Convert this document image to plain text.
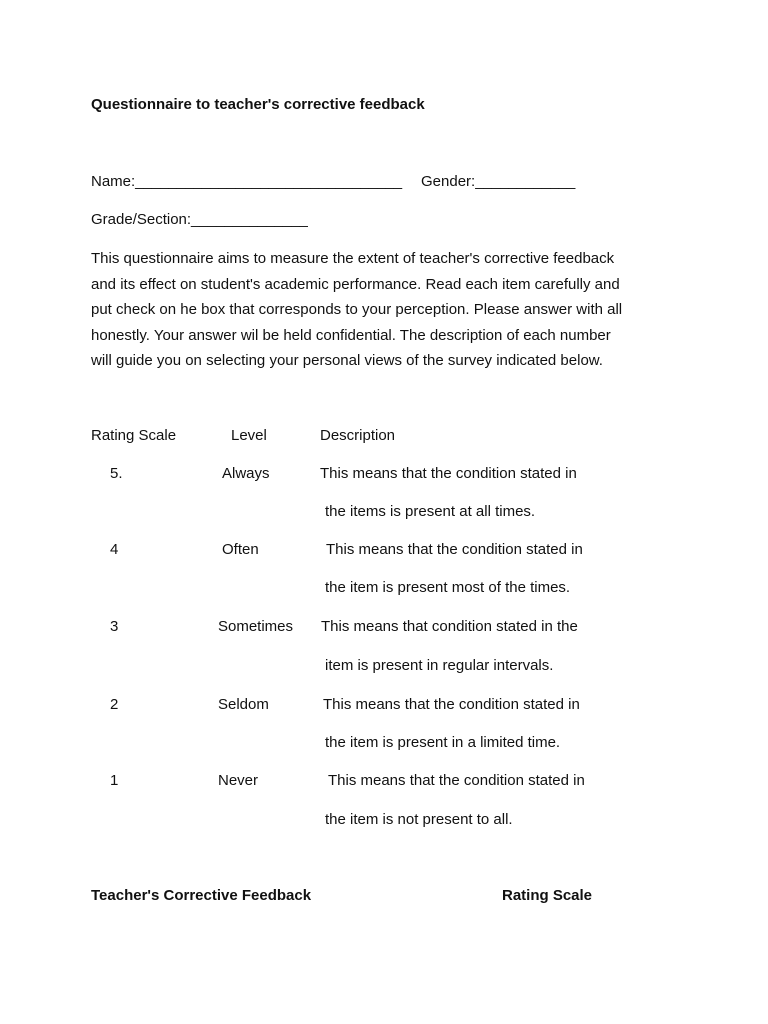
Questionnaire to teacher's corrective feedback
Name:________________________________ Gender:____________
Grade/Section:______________
This questionnaire aims to measure the extent of teacher's corrective feedback
and its effect on student's academic performance. Read each item carefully and
put check on he box that corresponds to your perception. Please answer with all
honestly. Your answer wil be held confidential. The description of each number
will guide you on selecting your personal views of the survey indicated below.
Rating Scale	Level	Description
5.	Always	This means that the condition stated in
the items is present at all times.
4	Often	This means that the condition stated in
the item is present most of the times.
3	Sometimes This means that condition stated in the
item is present in regular intervals.
2	Seldom	This means that the condition stated in
the item is present in a limited time.
1	Never	This means that the condition stated in
the item is not present to all.
Teacher's Corrective Feedback	Rating Scale
